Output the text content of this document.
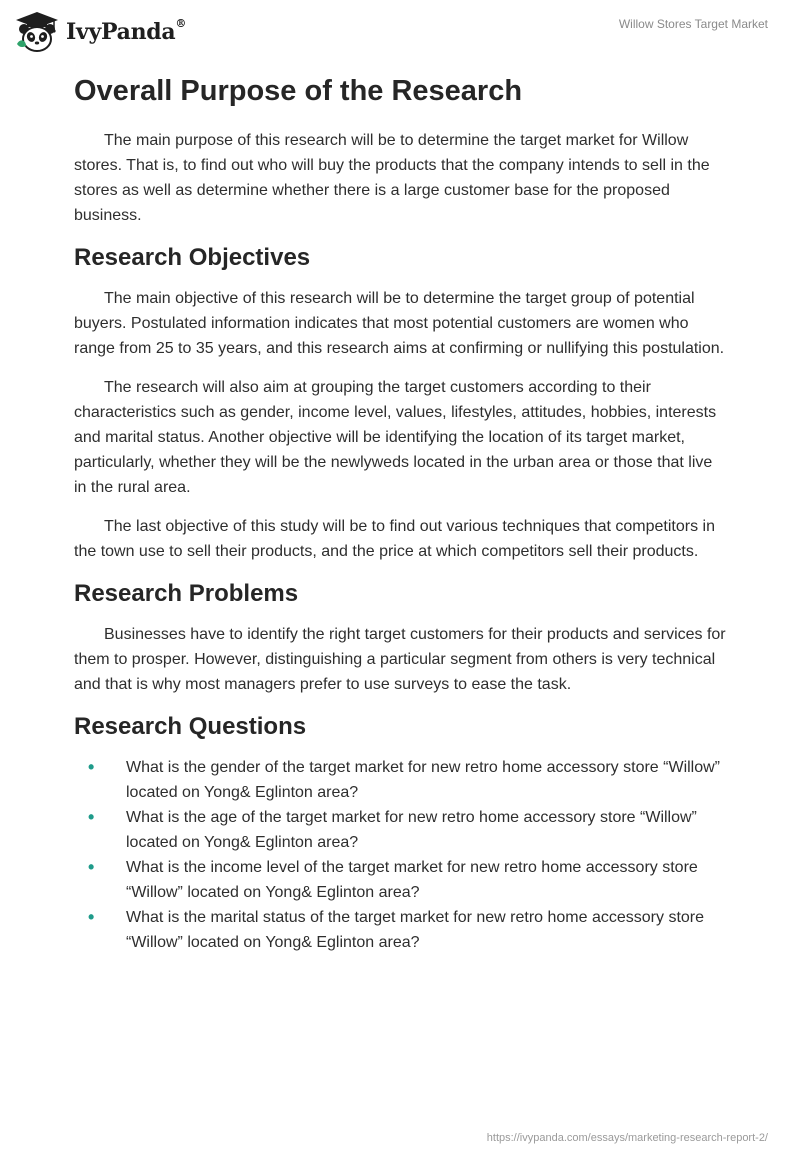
IvyPanda®	Willow Stores Target Market
Overall Purpose of the Research

The main purpose of this research will be to determine the target market for Willow stores. That is, to find out who will buy the products that the company intends to sell in the stores as well as determine whether there is a large customer base for the proposed business.

Research Objectives

The main objective of this research will be to determine the target group of potential buyers. Postulated information indicates that most potential customers are women who range from 25 to 35 years, and this research aims at confirming or nullifying this postulation.

The research will also aim at grouping the target customers according to their characteristics such as gender, income level, values, lifestyles, attitudes, hobbies, interests and marital status. Another objective will be identifying the location of its target market, particularly, whether they will be the newlyweds located in the urban area or those that live in the rural area.

The last objective of this study will be to find out various techniques that competitors in the town use to sell their products, and the price at which competitors sell their products.

Research Problems

Businesses have to identify the right target customers for their products and services for them to prosper. However, distinguishing a particular segment from others is very technical and that is why most managers prefer to use surveys to ease the task.

Research Questions
• What is the gender of the target market for new retro home accessory store “Willow” located on Yong& Eglinton area?
• What is the age of the target market for new retro home accessory store “Willow” located on Yong& Eglinton area?
• What is the income level of the target market for new retro home accessory store “Willow” located on Yong& Eglinton area?
• What is the marital status of the target market for new retro home accessory store “Willow” located on Yong& Eglinton area?
https://ivypanda.com/essays/marketing-research-report-2/
